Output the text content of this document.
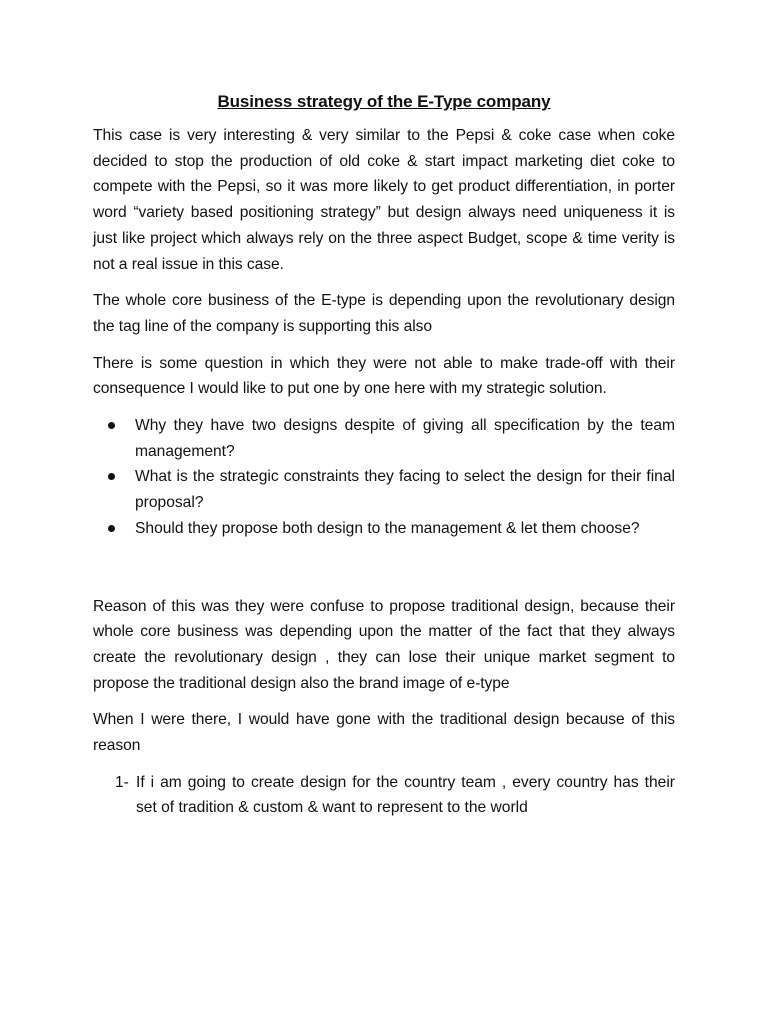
Business strategy of the E-Type company

This case is very interesting & very similar to the Pepsi & coke case when coke decided to stop the production of old coke & start impact marketing diet coke to compete with the Pepsi, so it was more likely to get product differentiation, in porter word “variety based positioning strategy” but design always need uniqueness it is just like project which always rely on the three aspect Budget, scope & time verity is not a real issue in this case.

The whole core business of the E-type is depending upon the revolutionary design the tag line of the company is supporting this also

There is some question in which they were not able to make trade-off with their consequence I would like to put one by one here with my strategic solution.

Why they have two designs despite of giving all specification by the team management?
What is the strategic constraints they facing to select the design for their final proposal?
Should they propose both design to the management & let them choose?

Reason of this was they were confuse to propose traditional design, because their whole core business was depending upon the matter of the fact that they always create the revolutionary design , they can lose their unique market segment to propose the traditional design also the brand image of e-type

When I were there, I would have gone with the traditional design because of this reason

1- If i am going to create design for the country team , every country has their set of tradition & custom & want to represent to the world
